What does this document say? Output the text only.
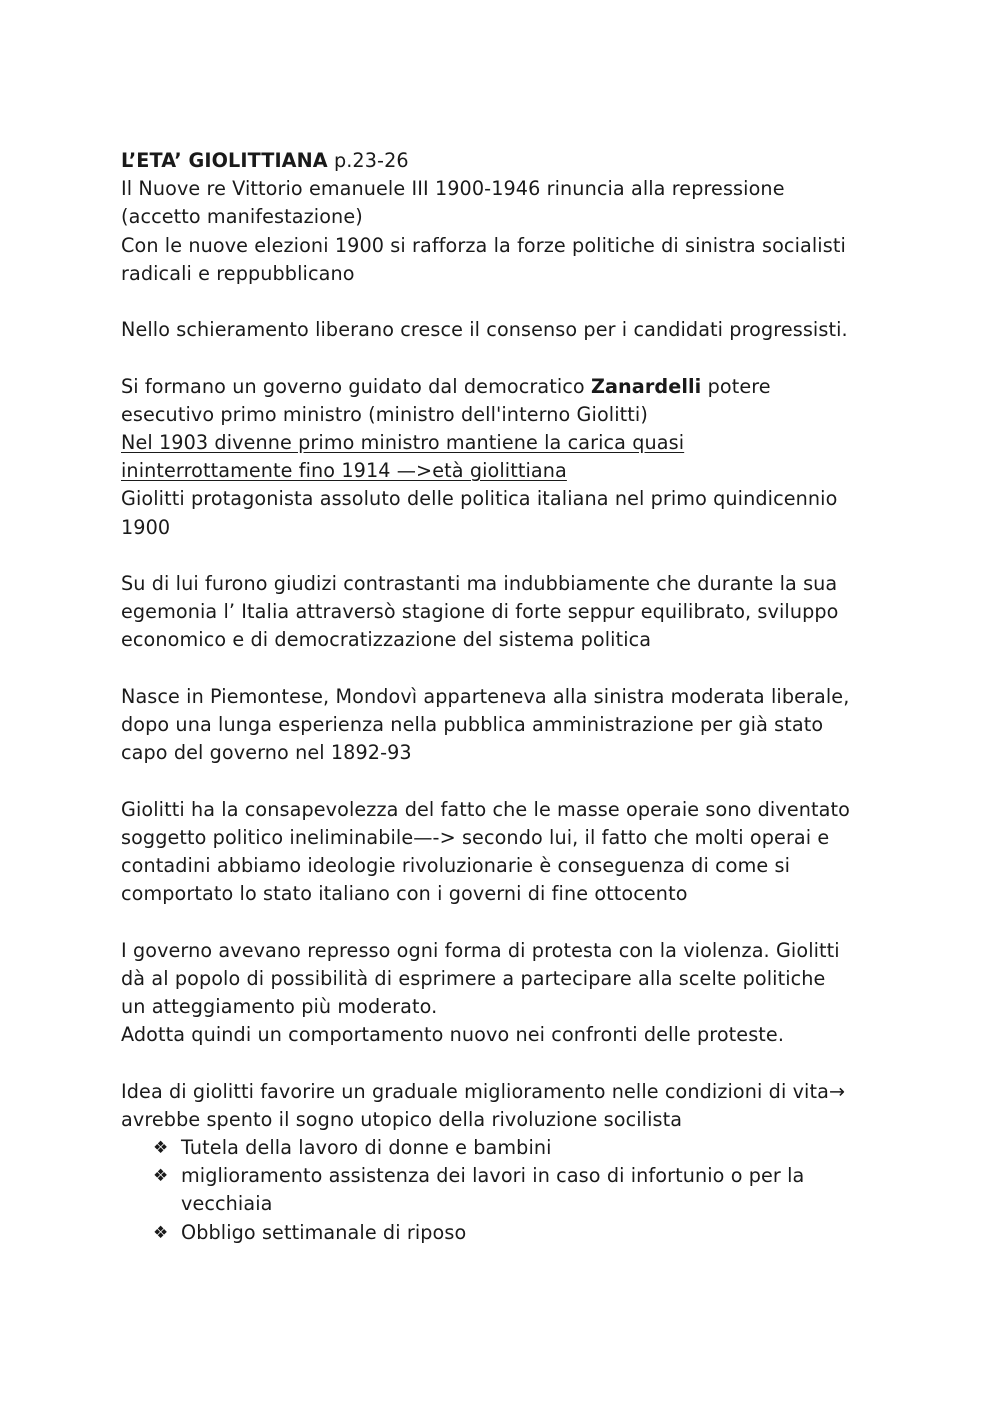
L’ETA’ GIOLITTIANA p.23-26
Il Nuove re Vittorio emanuele III 1900-1946 rinuncia alla repressione
(accetto manifestazione)
Con le nuove elezioni 1900 si rafforza la forze politiche di sinistra socialisti
radicali e reppubblicano
Nello schieramento liberano cresce il consenso per i candidati progressisti.
Si formano un governo guidato dal democratico Zanardelli potere
esecutivo primo ministro (ministro dell'interno Giolitti)
Nel 1903 divenne primo ministro mantiene la carica quasi
ininterrottamente fino 1914 —>età giolittiana
Giolitti protagonista assoluto delle politica italiana nel primo quindicennio
1900
Su di lui furono giudizi contrastanti ma indubbiamente che durante la sua
egemonia l’ Italia attraversò stagione di forte seppur equilibrato, sviluppo
economico e di democratizzazione del sistema politica
Nasce in Piemontese, Mondovì apparteneva alla sinistra moderata liberale,
dopo una lunga esperienza nella pubblica amministrazione per già stato
capo del governo nel 1892-93
Giolitti ha la consapevolezza del fatto che le masse operaie sono diventato
soggetto politico ineliminabile—-> secondo lui, il fatto che molti operai e
contadini abbiamo ideologie rivoluzionarie è conseguenza di come si
comportato lo stato italiano con i governi di fine ottocento
I governo avevano represso ogni forma di protesta con la violenza. Giolitti
dà al popolo di possibilità di esprimere a partecipare alla scelte politiche
un atteggiamento più moderato.
Adotta quindi un comportamento nuovo nei confronti delle proteste.
Idea di giolitti favorire un graduale miglioramento nelle condizioni di vita→
avrebbe spento il sogno utopico della rivoluzione socilista
❖ Tutela della lavoro di donne e bambini
❖ miglioramento assistenza dei lavori in caso di infortunio o per la
vecchiaia
❖ Obbligo settimanale di riposo
